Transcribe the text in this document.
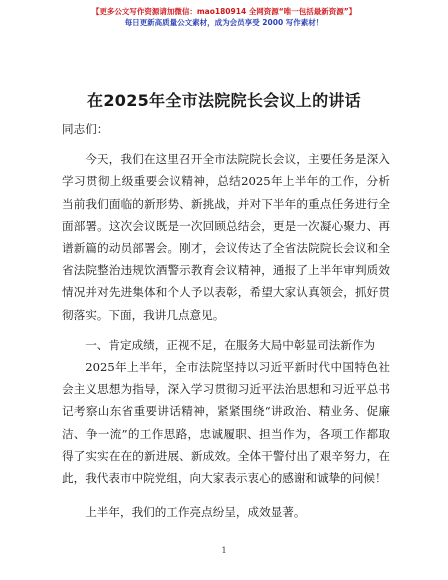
【更多公文写作资源请加微信：mao180914 全网资源“唯一包括最新资源”】
每日更新高质量公文素材，成为会员享受 2000 写作素材！
在2025年全市法院院长会议上的讲话

同志们：

今天，我们在这里召开全市法院院长会议，主要任务是深入学习贯彻上级重要会议精神，总结2025年上半年的工作，分析当前我们面临的新形势、新挑战，并对下半年的重点任务进行全面部署。这次会议既是一次回顾总结会，更是一次凝心聚力、再谱新篇的动员部署会。刚才，会议传达了全省法院院长会议和全省法院整治违规饮酒警示教育会议精神，通报了上半年审判质效情况并对先进集体和个人予以表彰，希望大家认真领会，抓好贯彻落实。下面，我讲几点意见。

一、肯定成绩，正视不足，在服务大局中彰显司法新作为

2025年上半年，全市法院坚持以习近平新时代中国特色社会主义思想为指导，深入学习贯彻习近平法治思想和习近平总书记考察山东省重要讲话精神，紧紧围绕“讲政治、精业务、促廉洁、争一流”的工作思路，忠诚履职、担当作为，各项工作都取得了实实在在的新进展、新成效。全体干警付出了艰辛努力，在此，我代表市中院党组，向大家表示衷心的感谢和诚挚的问候！

上半年，我们的工作亮点纷呈，成效显著。

1
